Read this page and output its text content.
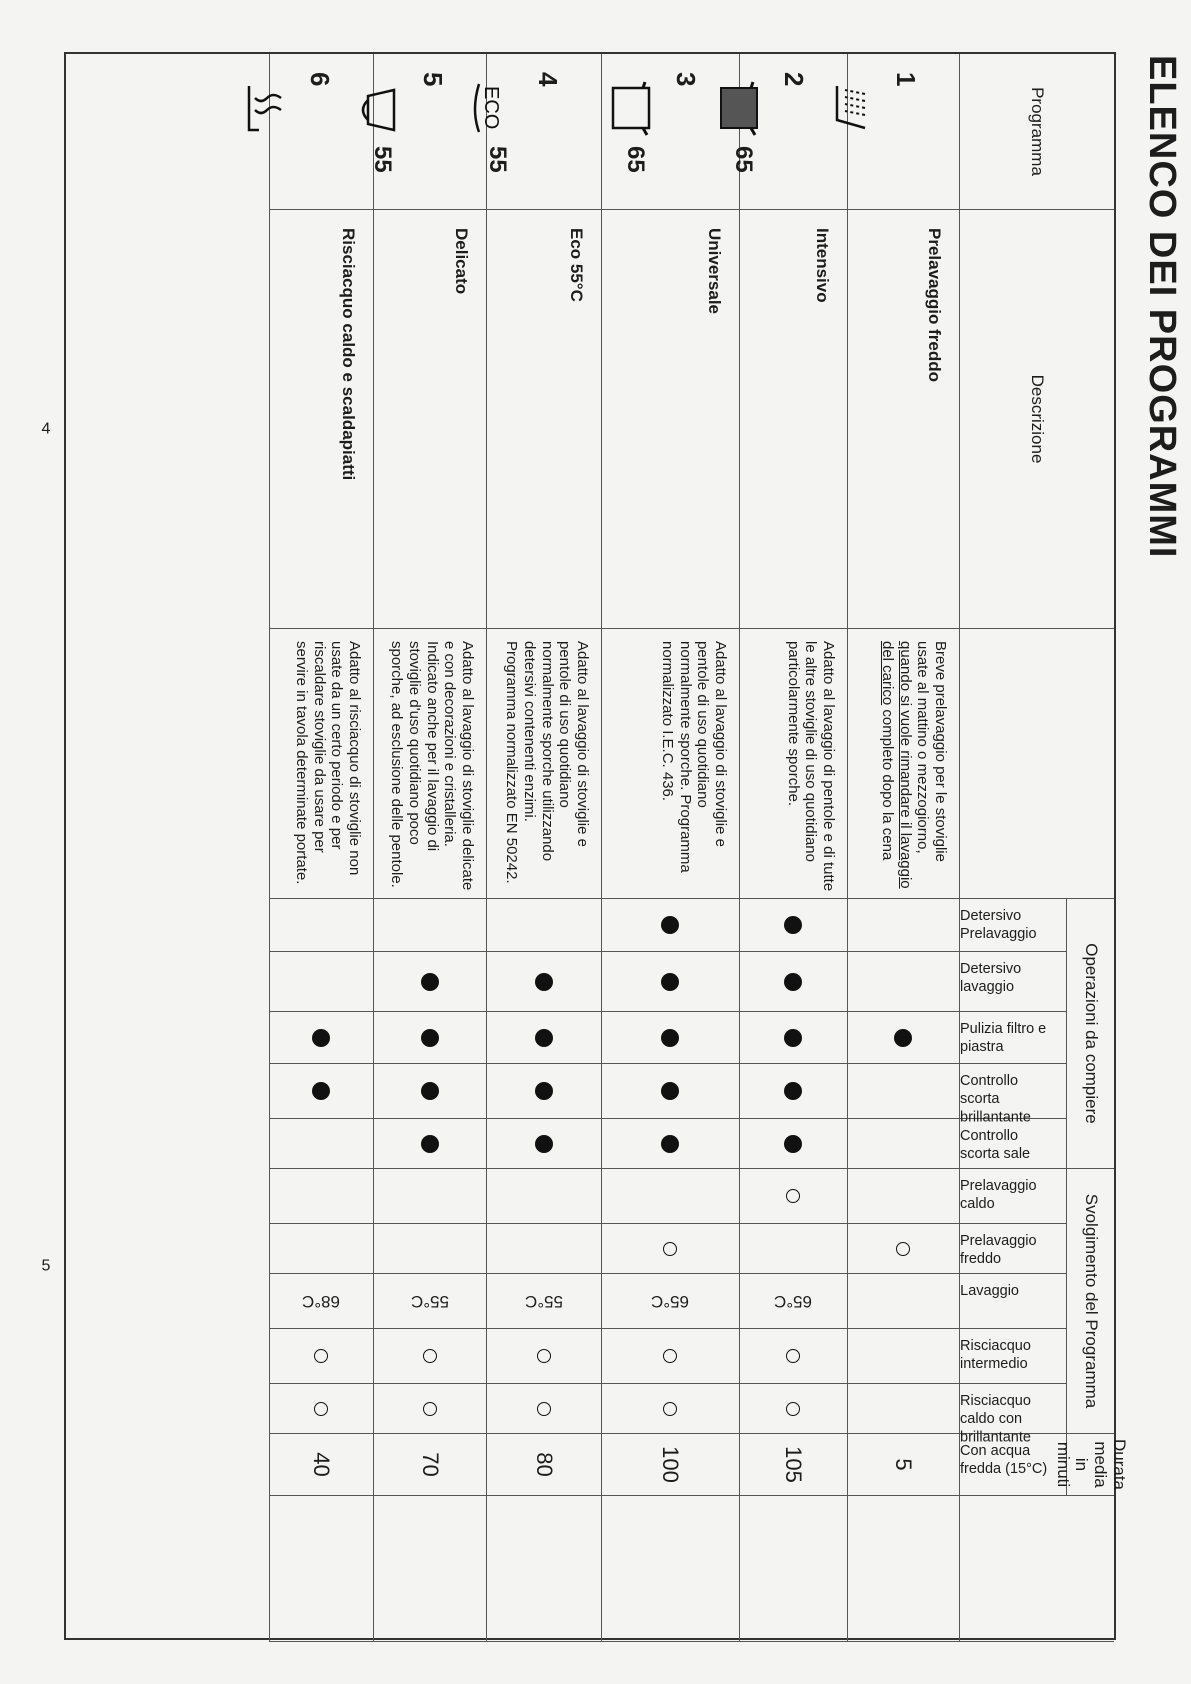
ELENCO DEI PROGRAMMI
Programma
Descrizione
Operazioni da compiere
Svolgimento del Programma
Durata media in minuti
Detersivo Prelavaggio
Detersivo lavaggio
Pulizia filtro e piastra
Controllo scorta brillantante
Controllo scorta sale
Prelavaggio caldo
Prelavaggio freddo
Lavaggio
Risciacquo intermedio
Risciacquo caldo con brillantante
Con acqua fredda (15°C)
1
Prelavaggio freddo
Breve prelavaggio per le stoviglie usate al mattino o mezzogiorno, quando si vuole rimandare il lavaggio del carico completo dopo la cena
5
2
65
Intensivo
Adatto al lavaggio di pentole e di tutte le altre stoviglie di uso quotidiano particolarmente sporche.
65°C
105
3
65
Universale
Adatto al lavaggio di stoviglie e pentole di uso quotidiano normalmente sporche. Programma normalizzato I.E.C. 436.
65°C
100
4
ECO
55
Eco 55°C
Adatto al lavaggio di stoviglie e pentole di uso quotidiano normalmente sporche utilizzando detersivi contenenti enzimi. Programma normalizzato EN 50242.
55°C
80
5
55
Delicato
Adatto al lavaggio di stoviglie delicate e con decorazioni e cristalleria. Indicato anche per il lavaggio di stoviglie d'uso quotidiano poco sporche, ad esclusione delle pentole.
55°C
70
6
Risciacquo caldo e scaldapiatti
Adatto al risciacquo di stoviglie non usate da un certo periodo e per riscaldare stoviglie da usare per servire in tavola determinate portate.
68°C
40
4
5
